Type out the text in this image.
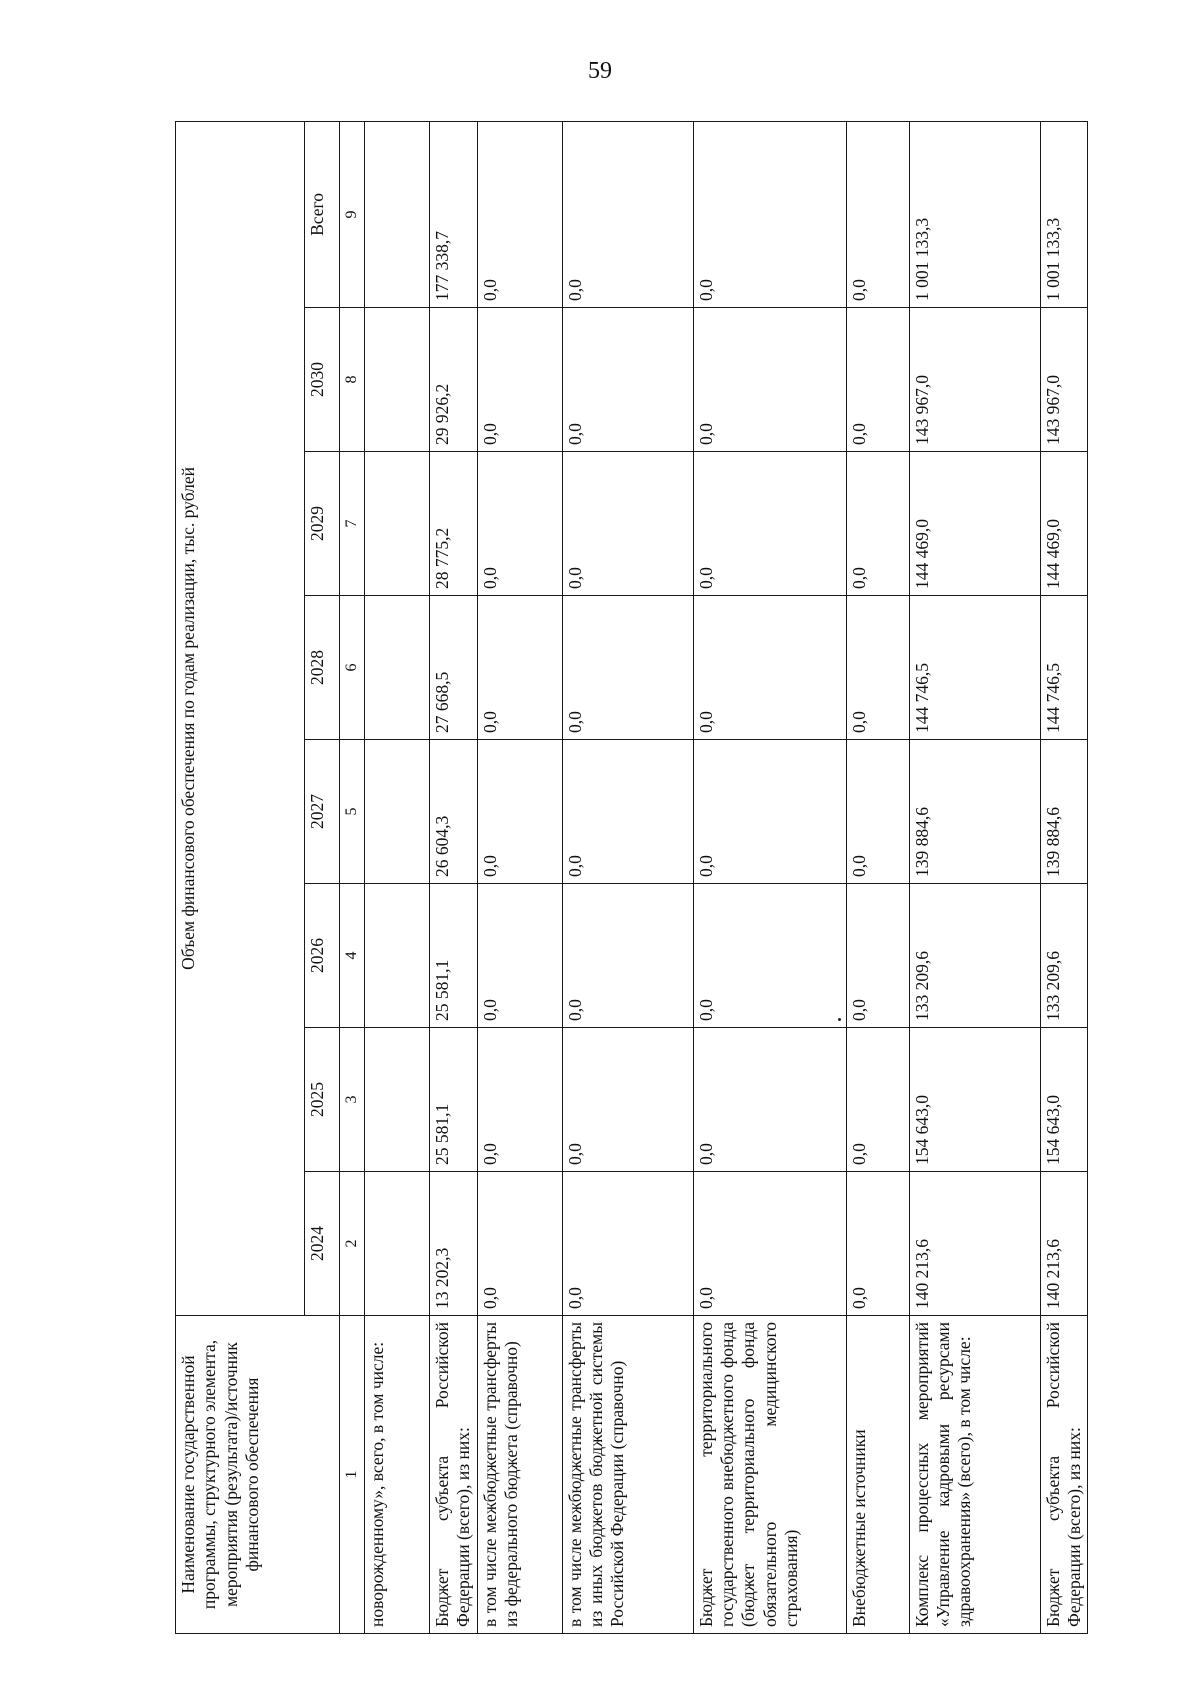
59
Наименование государственной программы, структурного элемента, мероприятия (результата)/источник финансового обеспечения	Объем финансового обеспечения по годам реализации, тыс. рублей							
	2024	2025	2026	2027	2028	2029	2030	Всего
1	2	3	4	5	6	7	8	9
новорожденному», всего, в том числе:								
Бюджет субъекта Российской Федерации (всего), из них:	13 202,3	25 581,1	25 581,1	26 604,3	27 668,5	28 775,2	29 926,2	177 338,7
в том числе межбюджетные трансферты из федерального бюджета (справочно)	0,0	0,0	0,0	0,0	0,0	0,0	0,0	0,0
в том числе межбюджетные трансферты из иных бюджетов бюджетной системы Российской Федерации (справочно)	0,0	0,0	0,0	0,0	0,0	0,0	0,0	0,0
Бюджет территориального государственного внебюджетного фонда (бюджет территориального фонда обязательного медицинского страхования)	0,0	0,0	0,0	0,0	0,0	0,0	0,0	0,0
Внебюджетные источники	0,0	0,0	0,0	0,0	0,0	0,0	0,0	0,0
Комплекс процессных мероприятий «Управление кадровыми ресурсами здравоохранения» (всего), в том числе:	140 213,6	154 643,0	133 209,6	139 884,6	144 746,5	144 469,0	143 967,0	1 001 133,3
Бюджет субъекта Российской Федерации (всего), из них:	140 213,6	154 643,0	133 209,6	139 884,6	144 746,5	144 469,0	143 967,0	1 001 133,3
